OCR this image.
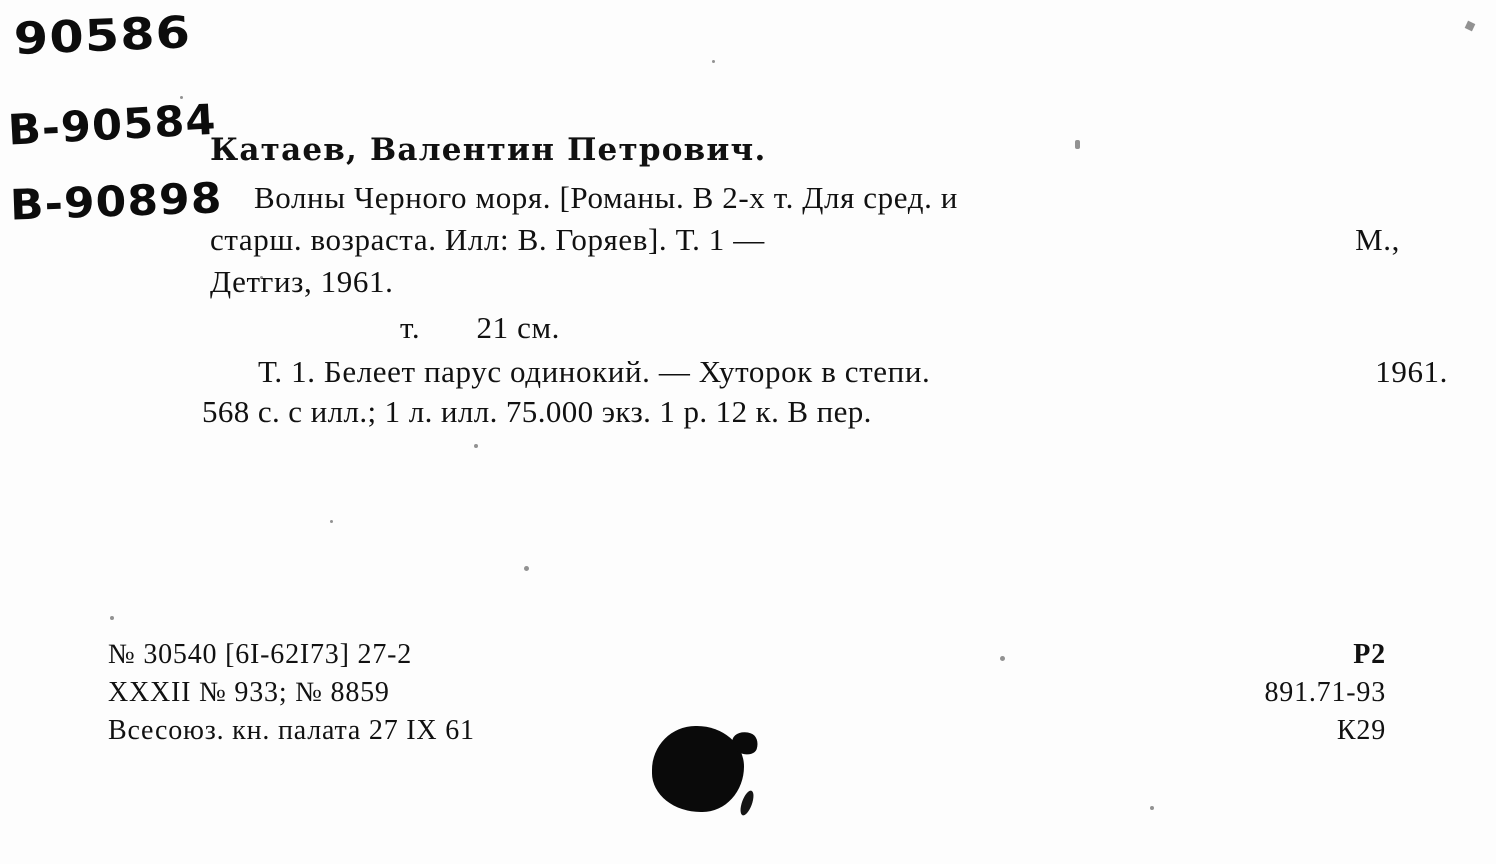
90586
B-90584
B-90898

Катаев, Валентин Петрович.

Волны Черного моря. [Романы. В 2-х т. Для сред. и

старш. возраста. Илл: В. Горяев]. Т. 1 —	М.,

Детгиз, 1961.

т. 21 см.
Т. 1. Белеет парус одинокий. — Хуторок в степи.	1961.

568 с. с илл.; 1 л. илл. 75.000 экз. 1 р. 12 к. В пер.

№ 30540 [6I-62I73] 27-2
XXXII № 933; № 8859
Всесоюз. кн. палата 27 IX 61
Р2
891.71-93
К29
